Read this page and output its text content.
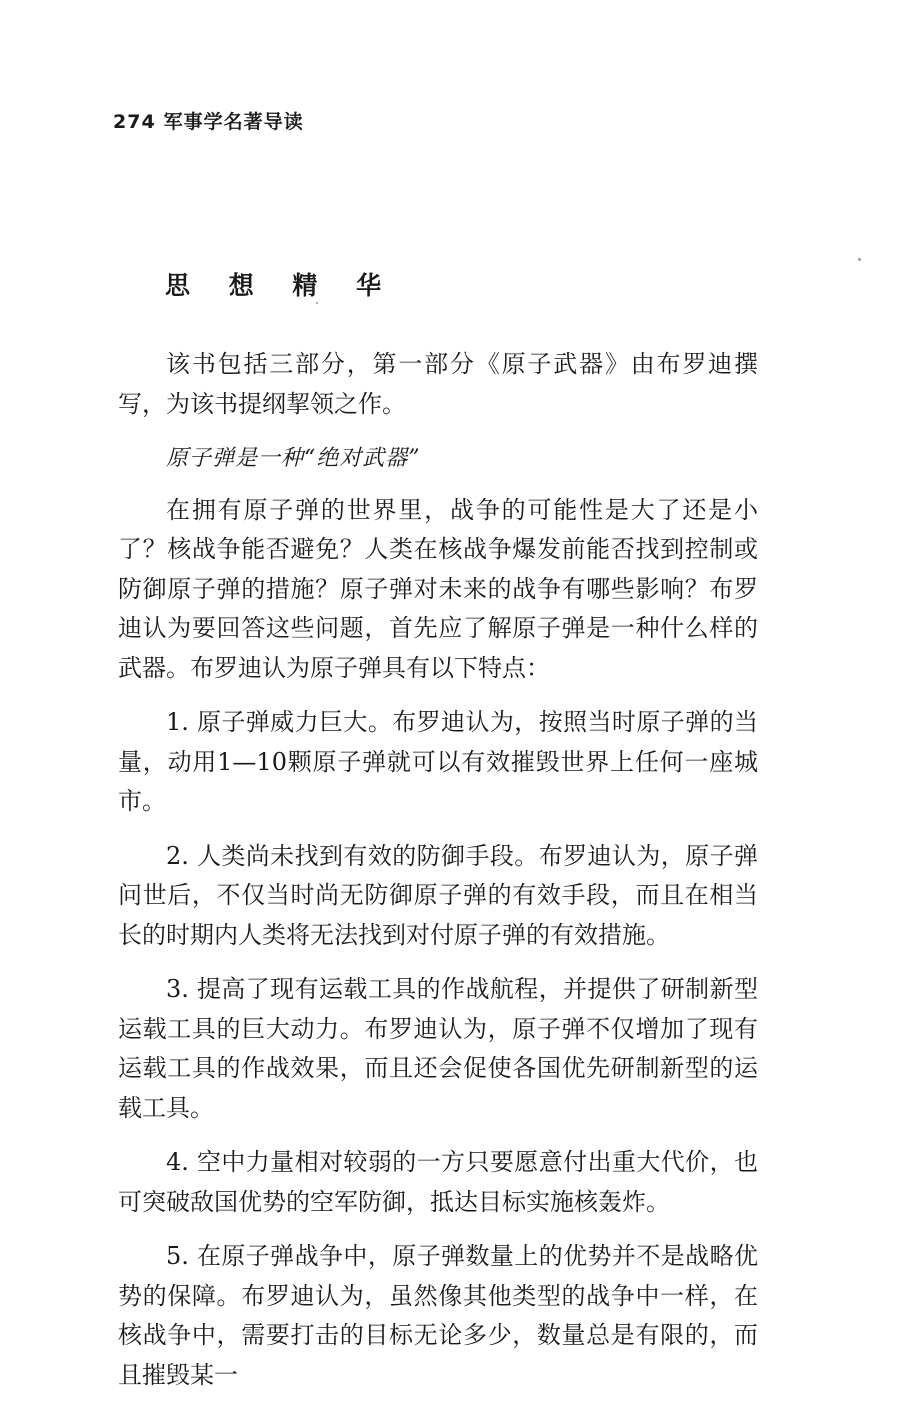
274 军事学名著导读
思 想 精 华

该书包括三部分，第一部分《原子武器》由布罗迪撰写，为该书提纲挈领之作。

原子弹是一种“绝对武器”

在拥有原子弹的世界里，战争的可能性是大了还是小了？核战争能否避免？人类在核战争爆发前能否找到控制或防御原子弹的措施？原子弹对未来的战争有哪些影响？布罗迪认为要回答这些问题，首先应了解原子弹是一种什么样的武器。布罗迪认为原子弹具有以下特点：

1. 原子弹威力巨大。布罗迪认为，按照当时原子弹的当量，动用1—10颗原子弹就可以有效摧毁世界上任何一座城市。

2. 人类尚未找到有效的防御手段。布罗迪认为，原子弹问世后，不仅当时尚无防御原子弹的有效手段，而且在相当长的时期内人类将无法找到对付原子弹的有效措施。

3. 提高了现有运载工具的作战航程，并提供了研制新型运载工具的巨大动力。布罗迪认为，原子弹不仅增加了现有运载工具的作战效果，而且还会促使各国优先研制新型的运载工具。

4. 空中力量相对较弱的一方只要愿意付出重大代价，也可突破敌国优势的空军防御，抵达目标实施核轰炸。

5. 在原子弹战争中，原子弹数量上的优势并不是战略优势的保障。布罗迪认为，虽然像其他类型的战争中一样，在核战争中，需要打击的目标无论多少，数量总是有限的，而且摧毁某一
